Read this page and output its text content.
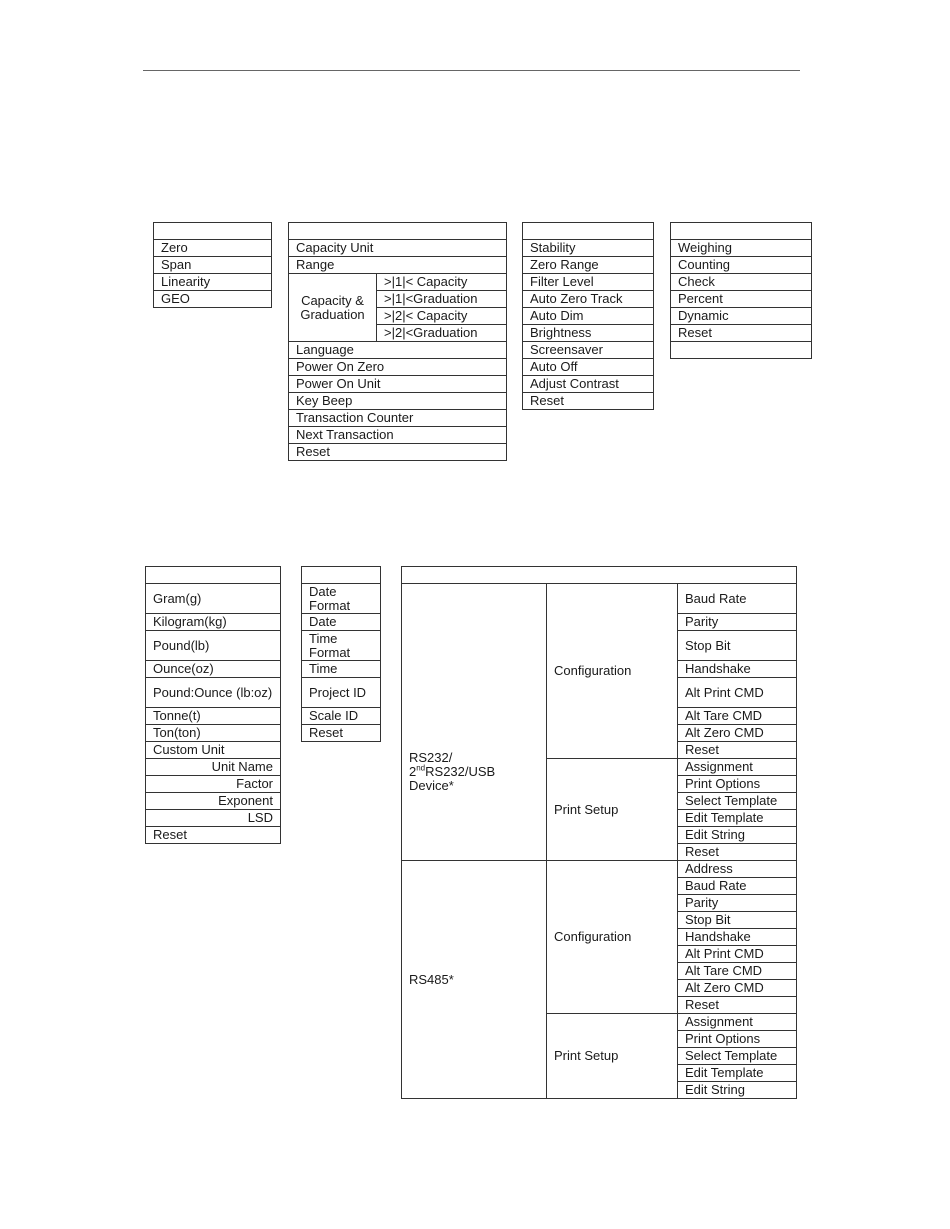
Zero
Span
Linearity
GEO

Capacity Unit
Range
Capacity & Graduation	>|1|< Capacity
>|1|<Graduation
>|2|< Capacity
>|2|<Graduation
Language
Power On Zero
Power On Unit
Key Beep
Transaction Counter
Next Transaction
Reset

Stability
Zero Range
Filter Level
Auto Zero Track
Auto Dim
Brightness
Screensaver
Auto Off
Adjust Contrast
Reset

Weighing
Counting
Check
Percent
Dynamic
Reset

Gram(g)
Kilogram(kg)
Pound(lb)
Ounce(oz)
Pound:Ounce (lb:oz)
Tonne(t)
Ton(ton)
Custom Unit
Unit Name
Factor
Exponent
LSD
Reset

Date Format
Date
Time Format
Time
Project ID
Scale ID
Reset

RS232/
2ndRS232/USB
Device*	Configuration	Baud Rate
		Parity
		Stop Bit
		Handshake
		Alt Print CMD
		Alt Tare CMD
		Alt Zero CMD
		Reset
	Print Setup	Assignment
		Print Options
		Select Template
		Edit Template
		Edit String
		Reset
RS485*	Configuration	Address
		Baud Rate
		Parity
		Stop Bit
		Handshake
		Alt Print CMD
		Alt Tare CMD
		Alt Zero CMD
		Reset
	Print Setup	Assignment
		Print Options
		Select Template
		Edit Template
		Edit String
